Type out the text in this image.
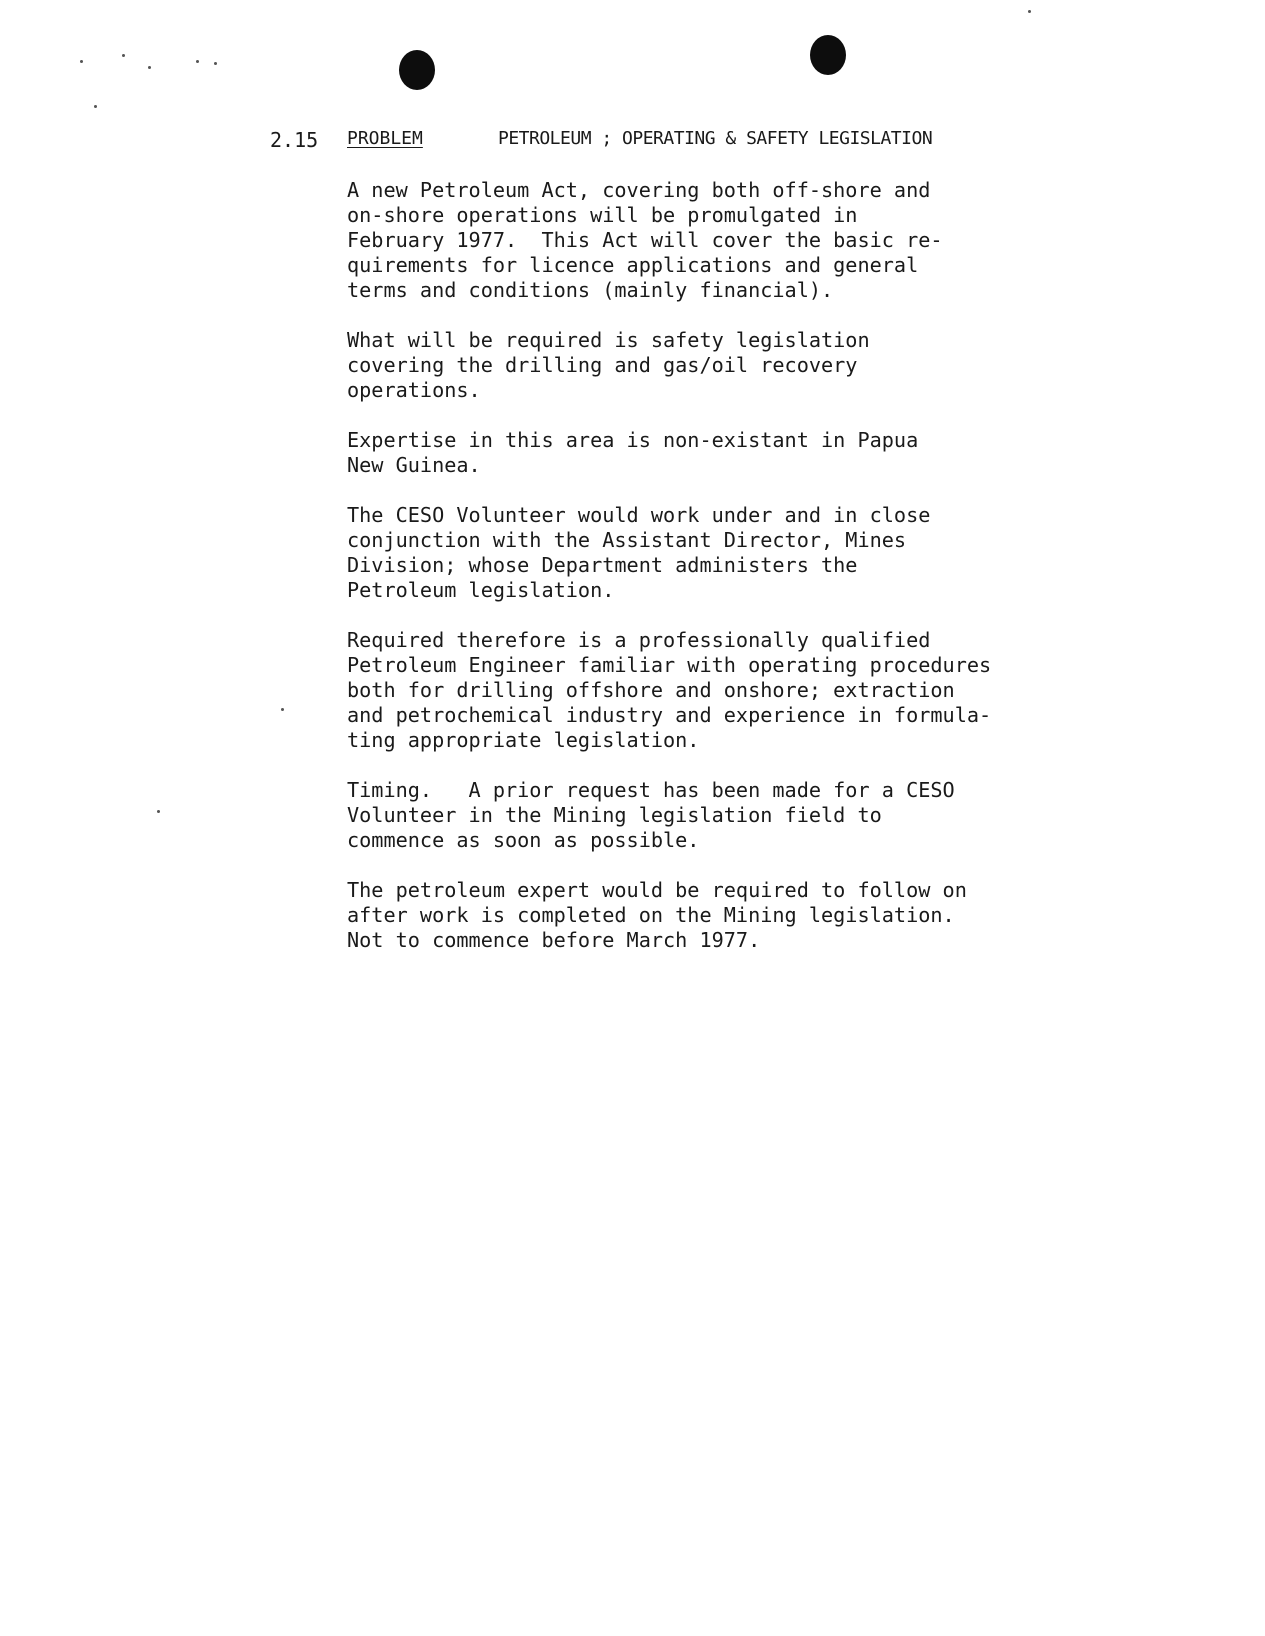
2.15 PROBLEM	PETROLEUM ; OPERATING & SAFETY LEGISLATION
A new Petroleum Act, covering both off-shore and
on-shore operations will be promulgated in
February 1977.  This Act will cover the basic re-
quirements for licence applications and general
terms and conditions (mainly financial).
What will be required is safety legislation
covering the drilling and gas/oil recovery
operations.
Expertise in this area is non-existant in Papua
New Guinea.
The CESO Volunteer would work under and in close
conjunction with the Assistant Director, Mines
Division; whose Department administers the
Petroleum legislation.
Required therefore is a professionally qualified
Petroleum Engineer familiar with operating procedures
both for drilling offshore and onshore; extraction
and petrochemical industry and experience in formula-
ting appropriate legislation.
Timing.   A prior request has been made for a CESO
Volunteer in the Mining legislation field to
commence as soon as possible.
The petroleum expert would be required to follow on
after work is completed on the Mining legislation.
Not to commence before March 1977.
